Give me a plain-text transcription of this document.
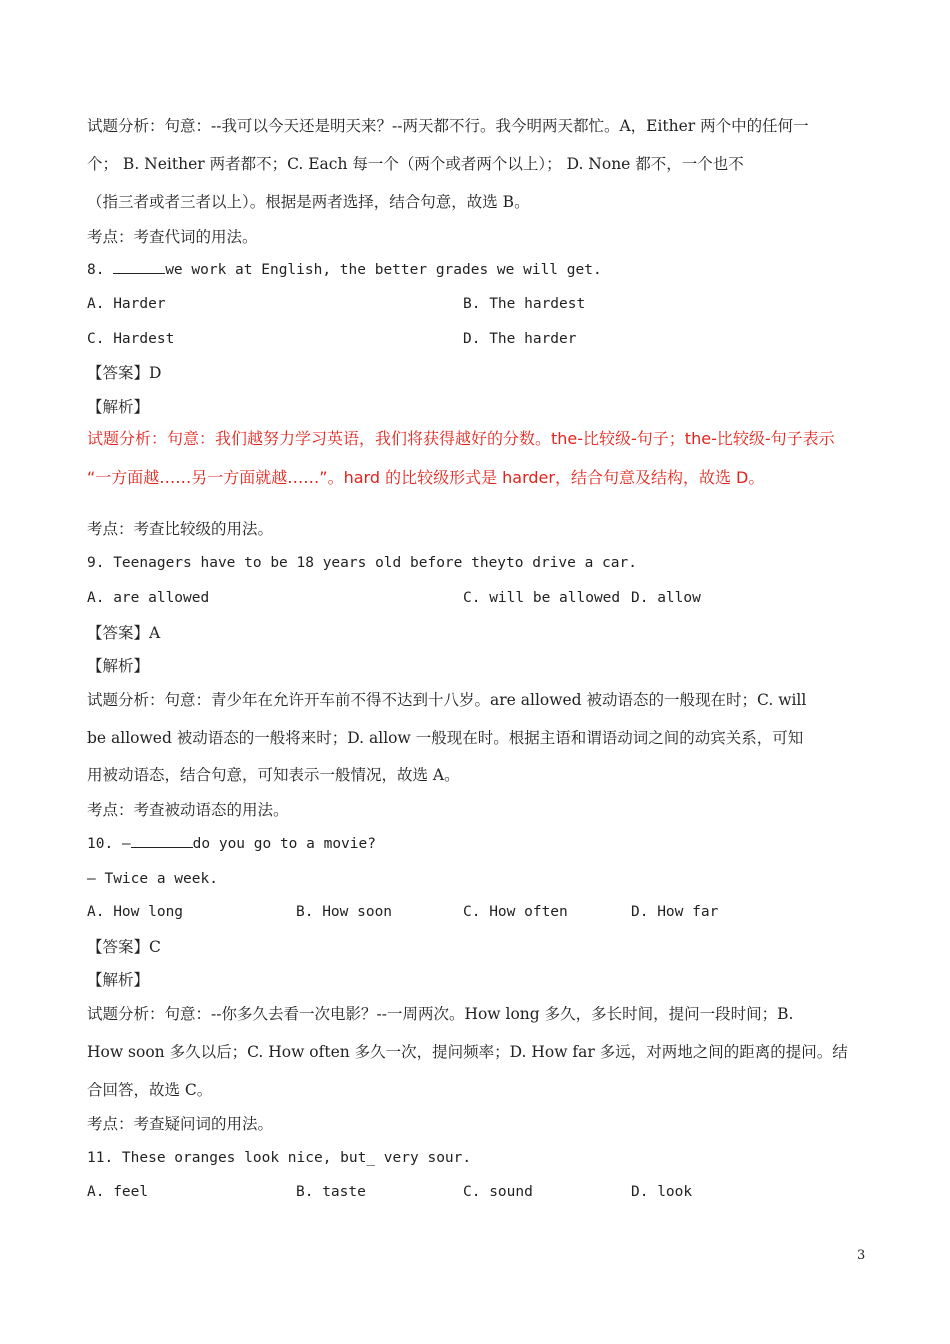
试题分析：句意：--我可以今天还是明天来？--两天都不行。我今明两天都忙。A，Either 两个中的任何一
个； B. Neither 两者都不；C. Each 每一个（两个或者两个以上）； D. None 都不，一个也不
（指三者或者三者以上）。根据是两者选择，结合句意，故选 B。
考点：考查代词的用法。
8.	we work at English, the better grades we will get.
A. Harder	B. The hardest
C. Hardest	D. The harder
【答案】D
【解析】
试题分析：句意：我们越努力学习英语，我们将获得越好的分数。the-比较级-句子；the-比较级-句子表示
“一方面越……另一方面就越……”。hard 的比较级形式是 harder，结合句意及结构，故选 D。
考点：考查比较级的用法。
9. Teenagers have to be 18 years old before theyto drive a car.
A. are allowed	C. will be allowed D. allow
【答案】A
【解析】
试题分析：句意：青少年在允许开车前不得不达到十八岁。are allowed 被动语态的一般现在时；C. will
be allowed 被动语态的一般将来时；D. allow 一般现在时。根据主语和谓语动词之间的动宾关系，可知
用被动语态，结合句意，可知表示一般情况，故选 A。
考点：考查被动语态的用法。
10. —	do you go to a movie?
— Twice a week.
A. How long	B. How soon	C. How often	D. How far
【答案】C
【解析】
试题分析：句意：--你多久去看一次电影？--一周两次。How long 多久，多长时间，提问一段时间；B.
How soon 多久以后；C. How often 多久一次，提问频率；D. How far 多远，对两地之间的距离的提问。结
合回答，故选 C。
考点：考查疑问词的用法。
11. These oranges look nice, but_ very sour.
A. feel	B. taste	C. sound	D. look
3
